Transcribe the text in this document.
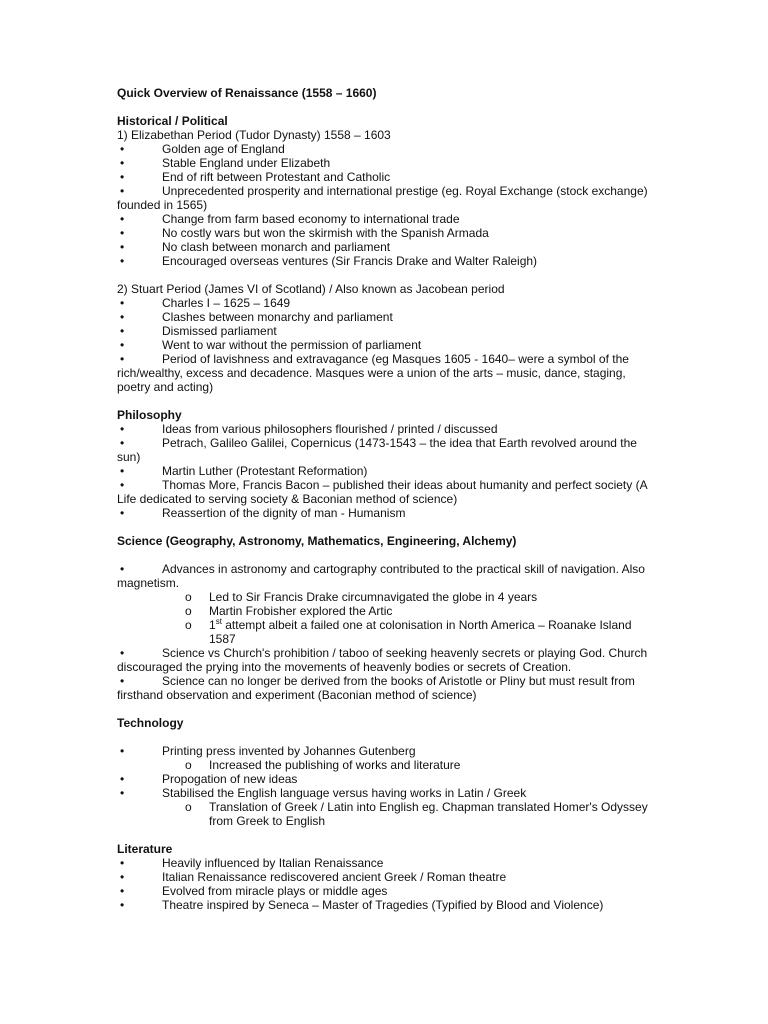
Quick Overview of Renaissance (1558 – 1660)
Historical / Political
1) Elizabethan Period (Tudor Dynasty) 1558 – 1603
•	Golden age of England
•	Stable England under Elizabeth
•	End of rift between Protestant and Catholic
•	Unprecedented prosperity and international prestige (eg. Royal Exchange (stock exchange) founded in 1565)
•	Change from farm based economy to international trade
•	No costly wars but won the skirmish with the Spanish Armada
•	No clash between monarch and parliament
•	Encouraged overseas ventures (Sir Francis Drake and Walter Raleigh)
2) Stuart Period (James VI of Scotland) / Also known as Jacobean period
•	Charles I – 1625 – 1649
•	Clashes between monarchy and parliament
•	Dismissed parliament
•	Went to war without the permission of parliament
•	Period of lavishness and extravagance (eg Masques 1605 - 1640– were a symbol of the rich/wealthy, excess and decadence. Masques were a union of the arts – music, dance, staging, poetry and acting)
Philosophy
•	Ideas from various philosophers flourished / printed / discussed
•	Petrach, Galileo Galilei, Copernicus (1473-1543 – the idea that Earth revolved around the sun)
•	Martin Luther (Protestant Reformation)
•	Thomas More, Francis Bacon – published their ideas about humanity and perfect society (A Life dedicated to serving society & Baconian method of science)
•	Reassertion of the dignity of man - Humanism
Science (Geography, Astronomy, Mathematics, Engineering, Alchemy)
•	Advances in astronomy and cartography contributed to the practical skill of navigation. Also magnetism.
o	Led to Sir Francis Drake circumnavigated the globe in 4 years
o	Martin Frobisher explored the Artic
o	1st attempt albeit a failed one at colonisation in North America – Roanake Island 1587
•	Science vs Church's prohibition / taboo of seeking heavenly secrets or playing God. Church discouraged the prying into the movements of heavenly bodies or secrets of Creation.
•	Science can no longer be derived from the books of Aristotle or Pliny but must result from firsthand observation and experiment (Baconian method of science)
Technology
•	Printing press invented by Johannes Gutenberg
o	Increased the publishing of works and literature
•	Propogation of new ideas
•	Stabilised the English language versus having works in Latin / Greek
o	Translation of Greek / Latin into English eg. Chapman translated Homer's Odyssey from Greek to English
Literature
•	Heavily influenced by Italian Renaissance
•	Italian Renaissance rediscovered ancient Greek / Roman theatre
•	Evolved from miracle plays or middle ages
•	Theatre inspired by Seneca – Master of Tragedies (Typified by Blood and Violence)
